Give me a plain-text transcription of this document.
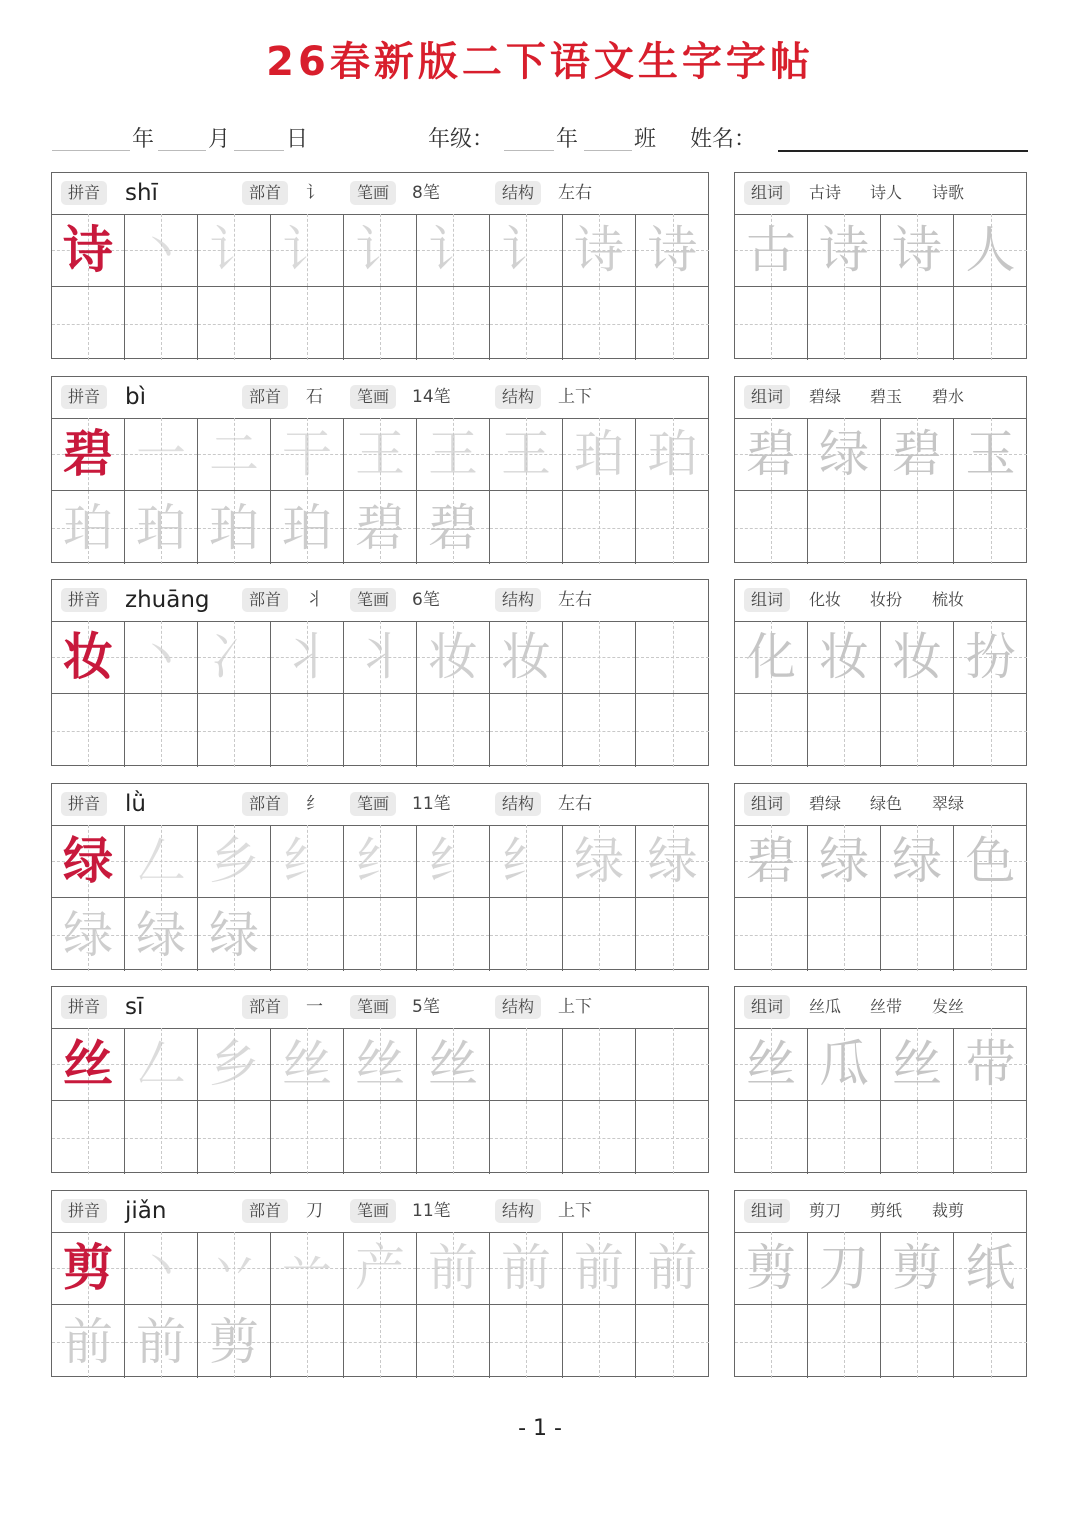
26春新版二下语文生字字帖
年 月	日	年级：	年	班 姓名：
拼音	shī	部首	讠	笔画	8笔	结构	左右
诗 丶 讠 讠 讠 讠 讠 诗 诗
组词	古诗 诗人 诗歌
古 诗 诗 人
拼音	bì	部首	石	笔画	14笔	结构	上下
碧 一 二 干 王 王 王 珀 珀
珀 珀 珀 珀 碧 碧
组词	碧绿 碧玉 碧水
碧 绿 碧 玉
拼音	zhuāng	部首	丬	笔画	6笔	结构	左右
妆 丶 冫 丬 丬 妆 妆
组词	化妆 妆扮 梳妆
化 妆 妆 扮
拼音	lǜ	部首	纟	笔画	11笔	结构	左右
绿 𠃋 乡 纟 纟 纟 纟 绿 绿
绿 绿 绿
组词	碧绿 绿色 翠绿
碧 绿 绿 色
拼音	sī	部首	一	笔画	5笔	结构	上下
丝 𠃋 乡 丝 丝 丝
组词	丝瓜 丝带 发丝
丝 瓜 丝 带
拼音	jiǎn	部首	刀	笔画	11笔	结构	上下
剪 丶 丷 䒑 产 前 前 前 前
前 前 剪
组词	剪刀 剪纸 裁剪
剪 刀 剪 纸
- 1 -
